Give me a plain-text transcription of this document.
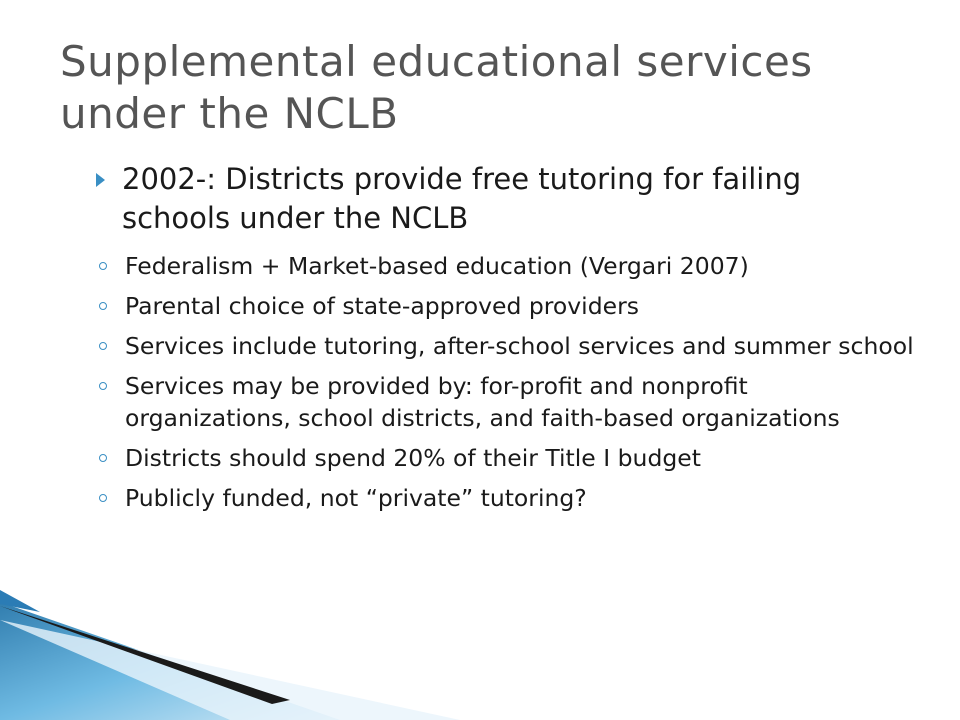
Supplemental educational services under the NCLB
2002-: Districts provide free tutoring for failing schools under the NCLB
Federalism + Market-based education (Vergari 2007)
Parental choice of state-approved providers
Services include tutoring, after-school services and summer school
Services may be provided by: for-profit and nonprofit organizations, school districts, and faith-based organizations
Districts should spend 20% of their Title I budget
Publicly funded, not “private” tutoring?
